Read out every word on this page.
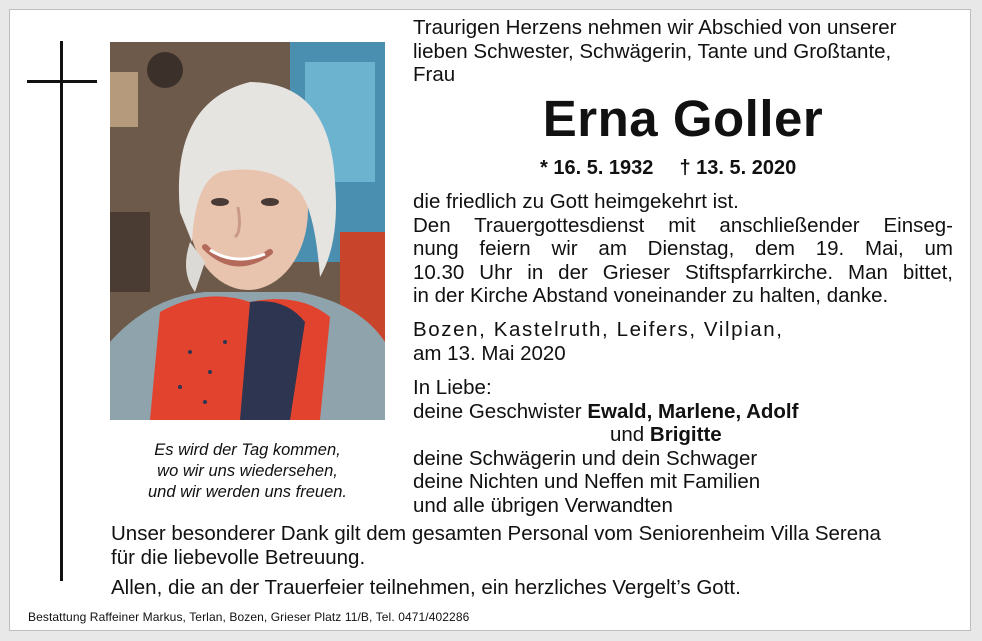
Es wird der Tag kommen,
wo wir uns wiedersehen,
und wir werden uns freuen.
Traurigen Herzens nehmen wir Abschied von unserer
lieben Schwester, Schwägerin, Tante und Großtante,
Frau
Erna Goller
* 16. 5. 1932 † 13. 5. 2020
die friedlich zu Gott heimgekehrt ist.
Den Trauergottesdienst mit anschließender Einseg-
nung feiern wir am Dienstag, dem 19. Mai, um
10.30 Uhr in der Grieser Stiftspfarrkirche. Man bittet,
in der Kirche Abstand voneinander zu halten, danke.
Bozen, Kastelruth, Leifers, Vilpian,
am 13. Mai 2020
In Liebe:
deine Geschwister Ewald, Marlene, Adolf
und Brigitte
deine Schwägerin und dein Schwager
deine Nichten und Neffen mit Familien
und alle übrigen Verwandten
Unser besonderer Dank gilt dem gesamten Personal vom Seniorenheim Villa Serena
für die liebevolle Betreuung.
Allen, die an der Trauerfeier teilnehmen, ein herzliches Vergelt’s Gott.
Bestattung Raffeiner Markus, Terlan, Bozen, Grieser Platz 11/B, Tel. 0471/402286
